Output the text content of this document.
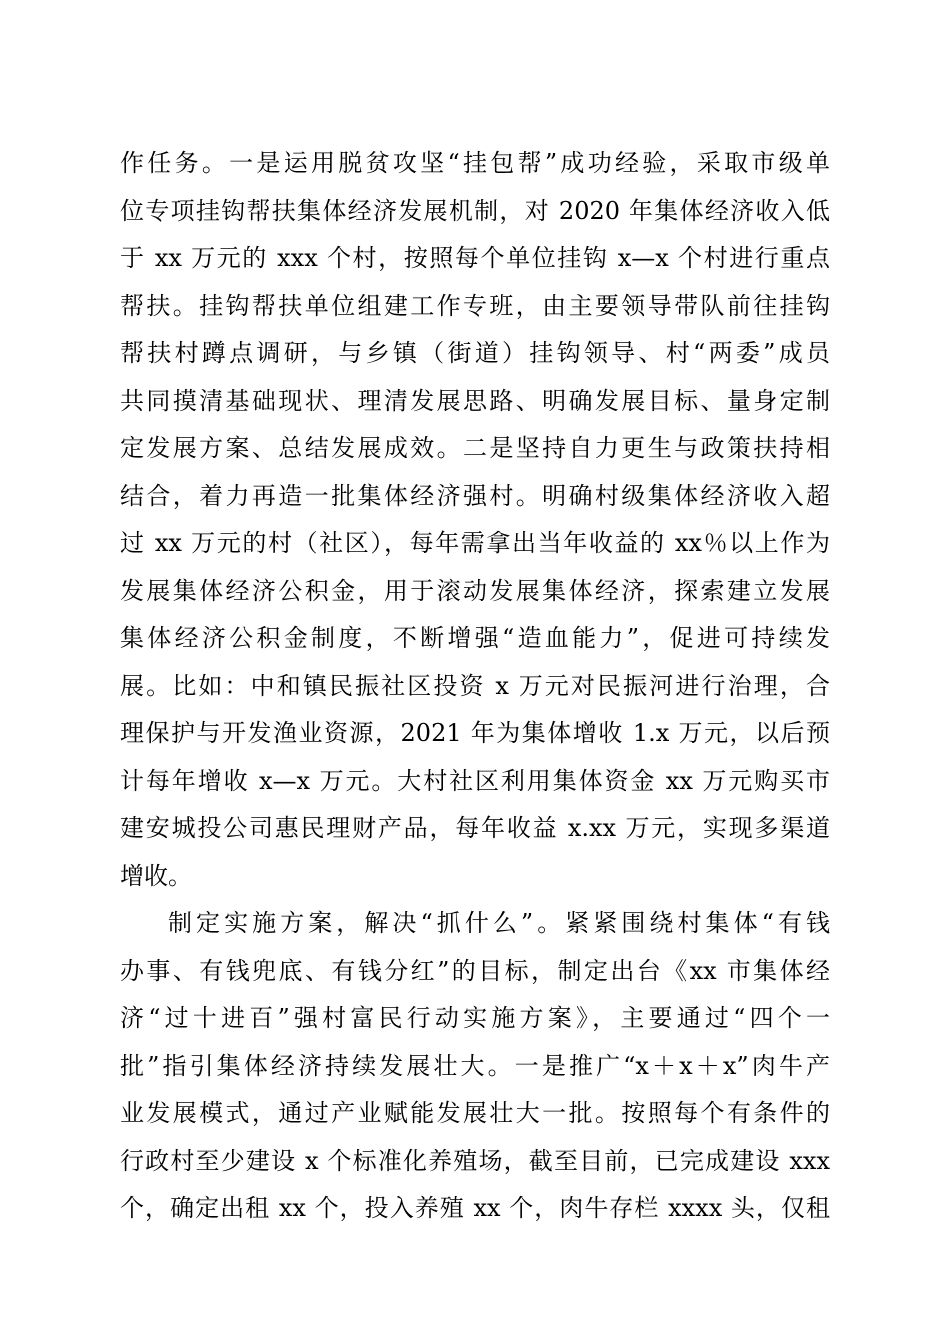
作任务。一是运用脱贫攻坚“挂包帮”成功经验，采取市级单
位专项挂钩帮扶集体经济发展机制，对 2020 年集体经济收入低
于 xx 万元的 xxx 个村，按照每个单位挂钩 x—x 个村进行重点
帮扶。挂钩帮扶单位组建工作专班，由主要领导带队前往挂钩
帮扶村蹲点调研，与乡镇（街道）挂钩领导、村“两委”成员
共同摸清基础现状、理清发展思路、明确发展目标、量身定制
定发展方案、总结发展成效。二是坚持自力更生与政策扶持相
结合，着力再造一批集体经济强村。明确村级集体经济收入超
过 xx 万元的村（社区），每年需拿出当年收益的 xx％以上作为
发展集体经济公积金，用于滚动发展集体经济，探索建立发展
集体经济公积金制度，不断增强“造血能力”，促进可持续发
展。比如：中和镇民振社区投资 x 万元对民振河进行治理，合
理保护与开发渔业资源，2021 年为集体增收 1.x 万元，以后预
计每年增收 x—x 万元。大村社区利用集体资金 xx 万元购买市
建安城投公司惠民理财产品，每年收益 x.xx 万元，实现多渠道
增收。
制定实施方案，解决“抓什么”。紧紧围绕村集体“有钱
办事、有钱兜底、有钱分红”的目标，制定出台《xx 市集体经
济“过十进百”强村富民行动实施方案》，主要通过“四个一
批”指引集体经济持续发展壮大。一是推广“x＋x＋x”肉牛产
业发展模式，通过产业赋能发展壮大一批。按照每个有条件的
行政村至少建设 x 个标准化养殖场，截至目前，已完成建设 xxx
个，确定出租 xx 个，投入养殖 xx 个，肉牛存栏 xxxx 头，仅租
